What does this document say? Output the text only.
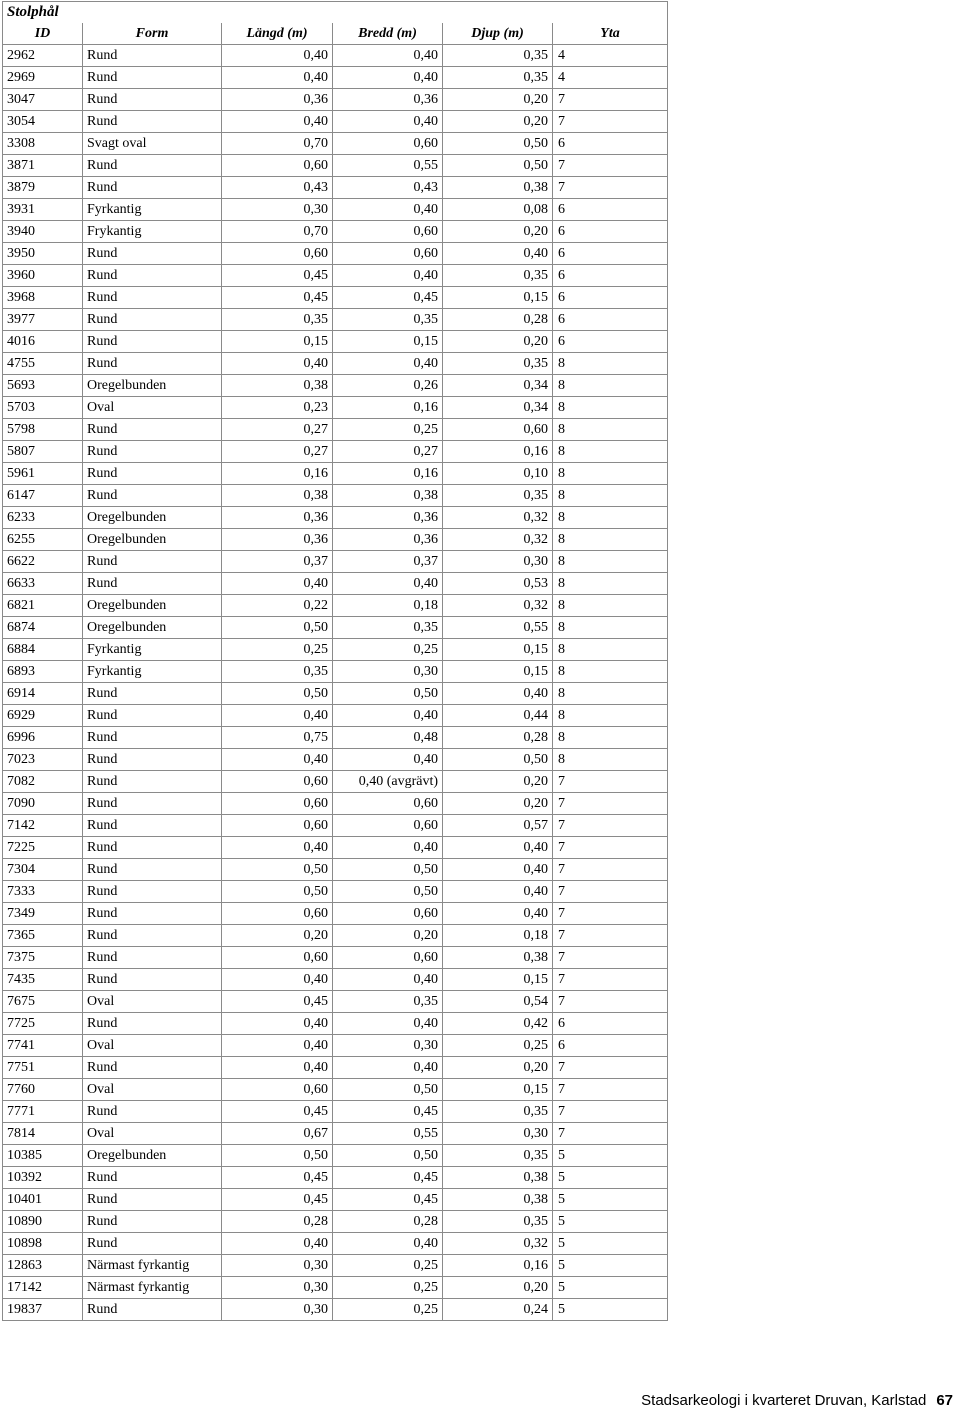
Stolphål					
ID	Form	Längd (m)	Bredd (m)	Djup (m)	Yta
2962	Rund	0,40	0,40	0,35	4
2969	Rund	0,40	0,40	0,35	4
3047	Rund	0,36	0,36	0,20	7
3054	Rund	0,40	0,40	0,20	7
3308	Svagt oval	0,70	0,60	0,50	6
3871	Rund	0,60	0,55	0,50	7
3879	Rund	0,43	0,43	0,38	7
3931	Fyrkantig	0,30	0,40	0,08	6
3940	Frykantig	0,70	0,60	0,20	6
3950	Rund	0,60	0,60	0,40	6
3960	Rund	0,45	0,40	0,35	6
3968	Rund	0,45	0,45	0,15	6
3977	Rund	0,35	0,35	0,28	6
4016	Rund	0,15	0,15	0,20	6
4755	Rund	0,40	0,40	0,35	8
5693	Oregelbunden	0,38	0,26	0,34	8
5703	Oval	0,23	0,16	0,34	8
5798	Rund	0,27	0,25	0,60	8
5807	Rund	0,27	0,27	0,16	8
5961	Rund	0,16	0,16	0,10	8
6147	Rund	0,38	0,38	0,35	8
6233	Oregelbunden	0,36	0,36	0,32	8
6255	Oregelbunden	0,36	0,36	0,32	8
6622	Rund	0,37	0,37	0,30	8
6633	Rund	0,40	0,40	0,53	8
6821	Oregelbunden	0,22	0,18	0,32	8
6874	Oregelbunden	0,50	0,35	0,55	8
6884	Fyrkantig	0,25	0,25	0,15	8
6893	Fyrkantig	0,35	0,30	0,15	8
6914	Rund	0,50	0,50	0,40	8
6929	Rund	0,40	0,40	0,44	8
6996	Rund	0,75	0,48	0,28	8
7023	Rund	0,40	0,40	0,50	8
7082	Rund	0,60	0,40 (avgrävt)	0,20	7
7090	Rund	0,60	0,60	0,20	7
7142	Rund	0,60	0,60	0,57	7
7225	Rund	0,40	0,40	0,40	7
7304	Rund	0,50	0,50	0,40	7
7333	Rund	0,50	0,50	0,40	7
7349	Rund	0,60	0,60	0,40	7
7365	Rund	0,20	0,20	0,18	7
7375	Rund	0,60	0,60	0,38	7
7435	Rund	0,40	0,40	0,15	7
7675	Oval	0,45	0,35	0,54	7
7725	Rund	0,40	0,40	0,42	6
7741	Oval	0,40	0,30	0,25	6
7751	Rund	0,40	0,40	0,20	7
7760	Oval	0,60	0,50	0,15	7
7771	Rund	0,45	0,45	0,35	7
7814	Oval	0,67	0,55	0,30	7
10385	Oregelbunden	0,50	0,50	0,35	5
10392	Rund	0,45	0,45	0,38	5
10401	Rund	0,45	0,45	0,38	5
10890	Rund	0,28	0,28	0,35	5
10898	Rund	0,40	0,40	0,32	5
12863	Närmast fyrkantig	0,30	0,25	0,16	5
17142	Närmast fyrkantig	0,30	0,25	0,20	5
19837	Rund	0,30	0,25	0,24	5
Stadsarkeologi i kvarteret Druvan, Karlstad 67
